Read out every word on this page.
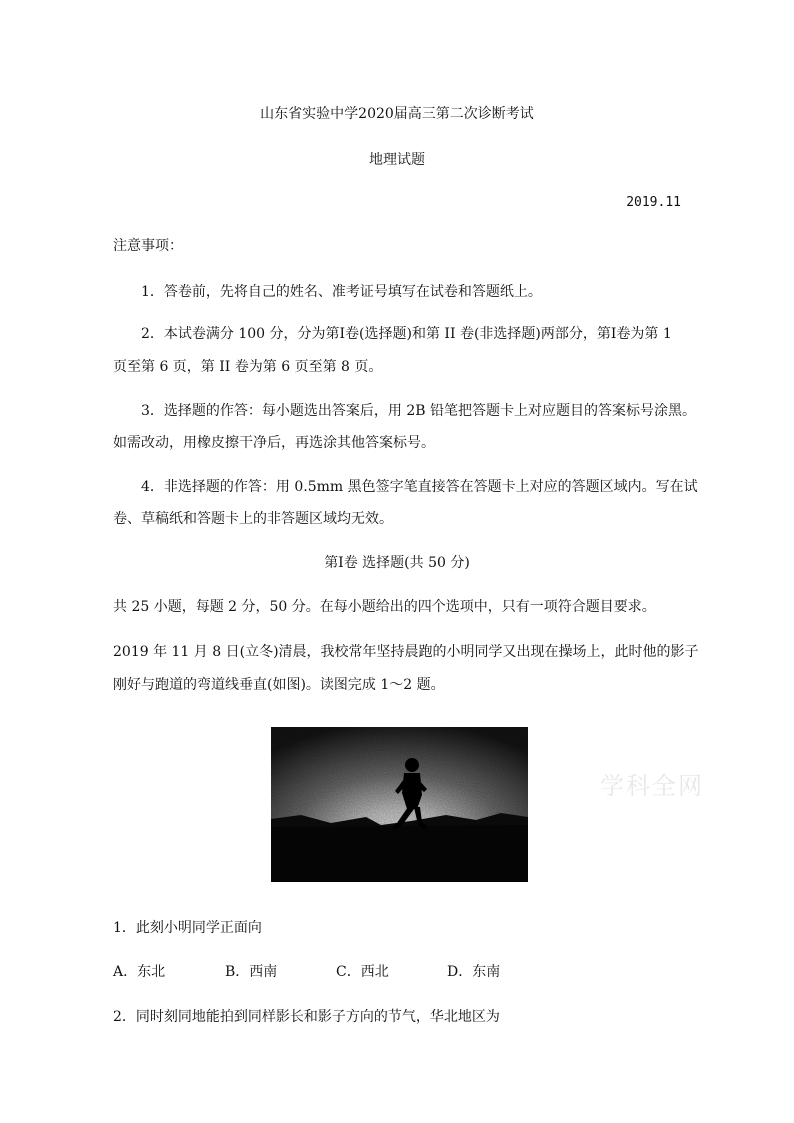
山东省实验中学2020届高三第二次诊断考试
地理试题
2019.11
注意事项：
1．答卷前，先将自己的姓名、准考证号填写在试卷和答题纸上。
2．本试卷满分 100 分，分为第Ⅰ卷(选择题)和第 II 卷(非选择题)两部分，第Ⅰ卷为第 1
页至第 6 页，第 II 卷为第 6 页至第 8 页。
3．选择题的作答：每小题选出答案后，用 2B 铅笔把答题卡上对应题目的答案标号涂黑。
如需改动，用橡皮擦干净后，再选涂其他答案标号。
4．非选择题的作答：用 0.5mm 黑色签字笔直接答在答题卡上对应的答题区域内。写在试
卷、草稿纸和答题卡上的非答题区域均无效。
第Ⅰ卷 选择题(共 50 分)
共 25 小题，每题 2 分，50 分。在每小题给出的四个选项中，只有一项符合题目要求。
2019 年 11 月 8 日(立冬)清晨，我校常年坚持晨跑的小明同学又出现在操场上，此时他的影子
刚好与跑道的弯道线垂直(如图)。读图完成 1～2 题。
学科全网
1．此刻小明同学正面向
A．东北	B．西南	C．西北	D．东南
2．同时刻同地能拍到同样影长和影子方向的节气，华北地区为
